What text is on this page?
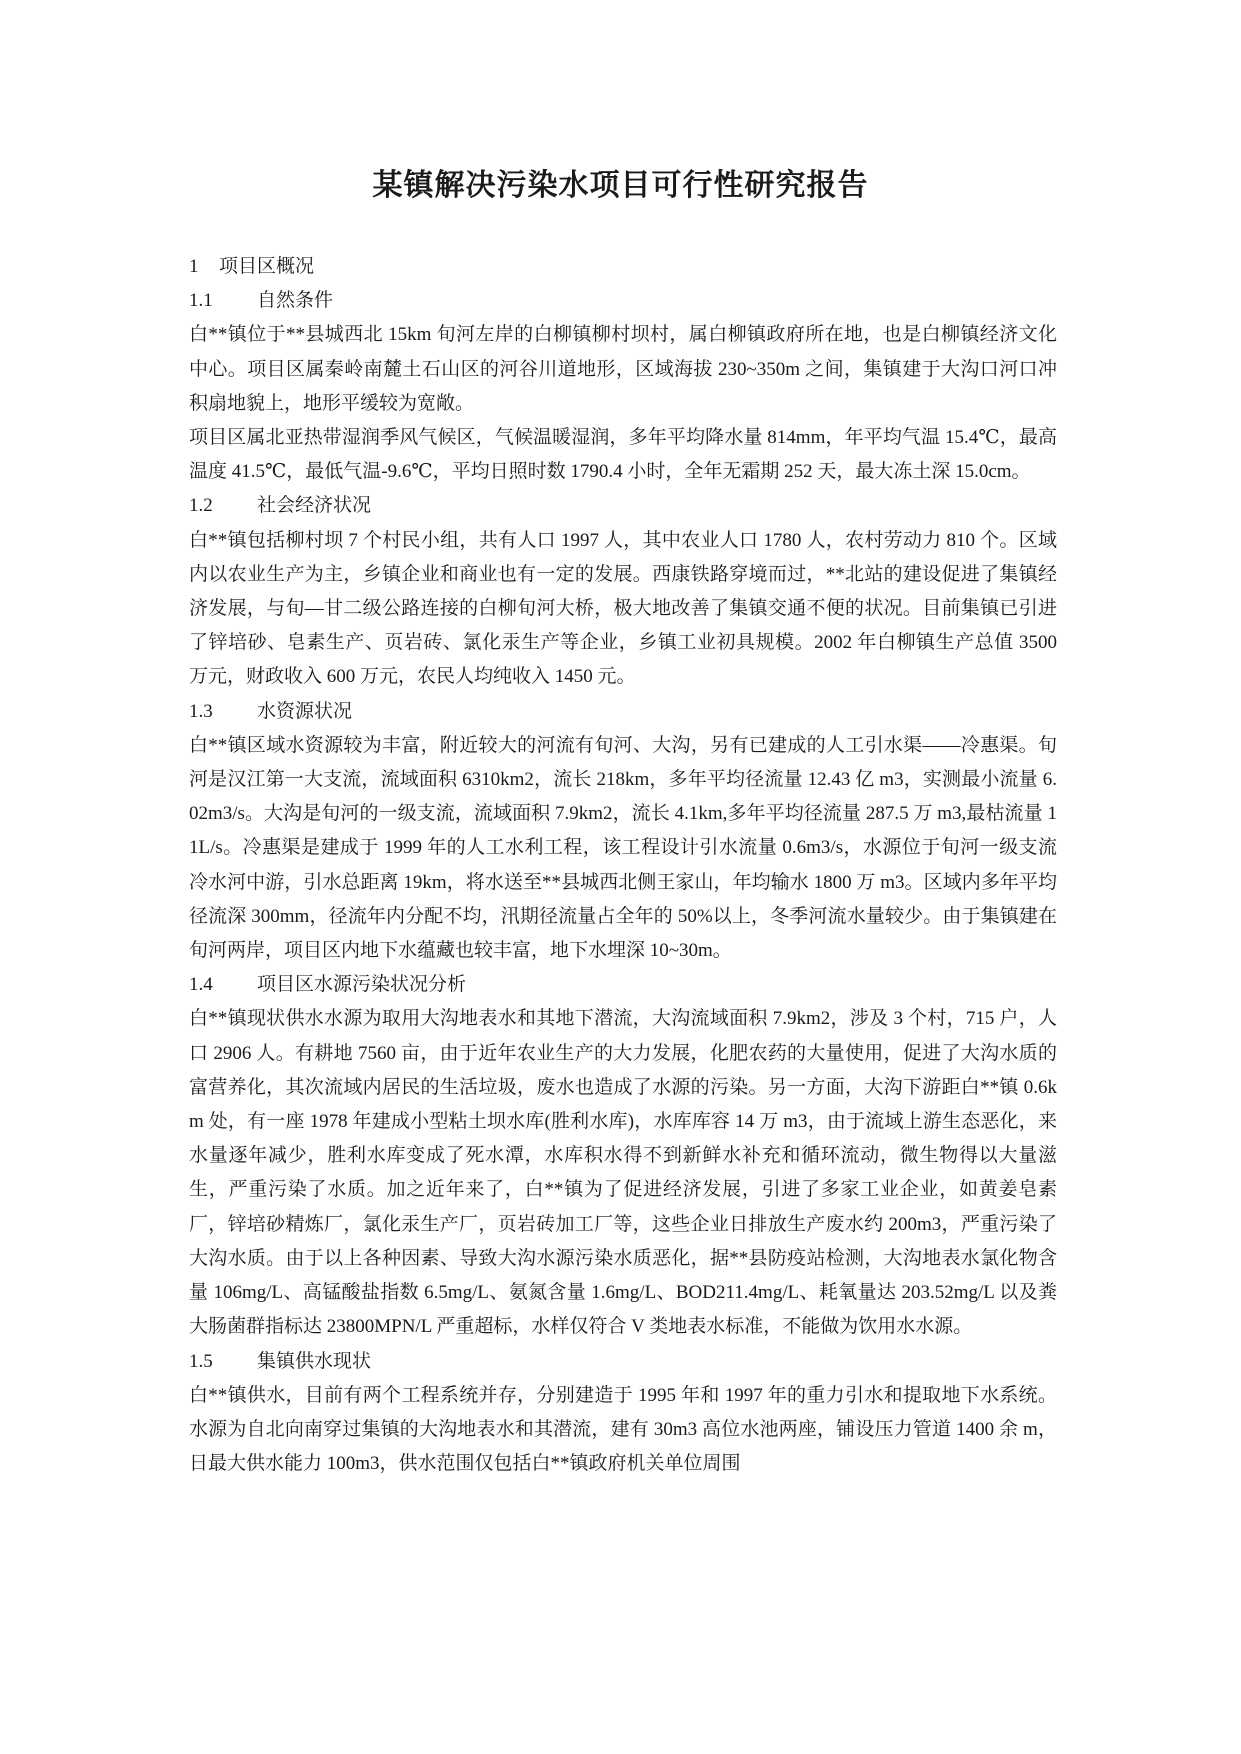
某镇解决污染水项目可行性研究报告
1 项目区概况
1.1 自然条件

白**镇位于**县城西北 15km 旬河左岸的白柳镇柳村坝村，属白柳镇政府所在地，也是白柳镇经济文化中心。项目区属秦岭南麓土石山区的河谷川道地形，区域海拔 230~350m 之间，集镇建于大沟口河口冲积扇地貌上，地形平缓较为宽敞。

项目区属北亚热带湿润季风气候区，气候温暖湿润，多年平均降水量 814mm，年平均气温 15.4℃，最高温度 41.5℃，最低气温-9.6℃，平均日照时数 1790.4 小时，全年无霜期 252 天，最大冻土深 15.0cm。

1.2 社会经济状况

白**镇包括柳村坝 7 个村民小组，共有人口 1997 人，其中农业人口 1780 人，农村劳动力 810 个。区域内以农业生产为主，乡镇企业和商业也有一定的发展。西康铁路穿境而过，**北站的建设促进了集镇经济发展，与旬—甘二级公路连接的白柳旬河大桥，极大地改善了集镇交通不便的状况。目前集镇已引进了锌培砂、皂素生产、页岩砖、氯化汞生产等企业，乡镇工业初具规模。2002 年白柳镇生产总值 3500 万元，财政收入 600 万元，农民人均纯收入 1450 元。

1.3 水资源状况

白**镇区域水资源较为丰富，附近较大的河流有旬河、大沟，另有已建成的人工引水渠——冷惠渠。旬河是汉江第一大支流，流域面积 6310km2，流长 218km，多年平均径流量 12.43 亿 m3，实测最小流量 6.02m3/s。大沟是旬河的一级支流，流域面积 7.9km2，流长 4.1km,多年平均径流量 287.5 万 m3,最枯流量 11L/s。冷惠渠是建成于 1999 年的人工水利工程，该工程设计引水流量 0.6m3/s，水源位于旬河一级支流冷水河中游，引水总距离 19km，将水送至**县城西北侧王家山，年均输水 1800 万 m3。区域内多年平均径流深 300mm，径流年内分配不均，汛期径流量占全年的 50%以上，冬季河流水量较少。由于集镇建在旬河两岸，项目区内地下水蕴藏也较丰富，地下水埋深 10~30m。

1.4 项目区水源污染状况分析

白**镇现状供水水源为取用大沟地表水和其地下潜流，大沟流域面积 7.9km2，涉及 3 个村，715 户，人口 2906 人。有耕地 7560 亩，由于近年农业生产的大力发展，化肥农药的大量使用，促进了大沟水质的富营养化，其次流域内居民的生活垃圾，废水也造成了水源的污染。另一方面，大沟下游距白**镇 0.6km 处，有一座 1978 年建成小型粘土坝水库(胜利水库)，水库库容 14 万 m3，由于流域上游生态恶化，来水量逐年减少，胜利水库变成了死水潭，水库积水得不到新鲜水补充和循环流动，微生物得以大量滋生，严重污染了水质。加之近年来了，白**镇为了促进经济发展，引进了多家工业企业，如黄姜皂素厂，锌培砂精炼厂，氯化汞生产厂，页岩砖加工厂等，这些企业日排放生产废水约 200m3，严重污染了大沟水质。由于以上各种因素、导致大沟水源污染水质恶化，据**县防疫站检测，大沟地表水氯化物含量 106mg/L、高锰酸盐指数 6.5mg/L、氨氮含量 1.6mg/L、BOD211.4mg/L、耗氧量达 203.52mg/L 以及粪大肠菌群指标达 23800MPN/L 严重超标，水样仅符合 V 类地表水标准，不能做为饮用水水源。

1.5 集镇供水现状

白**镇供水，目前有两个工程系统并存，分别建造于 1995 年和 1997 年的重力引水和提取地下水系统。水源为自北向南穿过集镇的大沟地表水和其潜流，建有 30m3 高位水池两座，铺设压力管道 1400 余 m，日最大供水能力 100m3，供水范围仅包括白**镇政府机关单位周围
